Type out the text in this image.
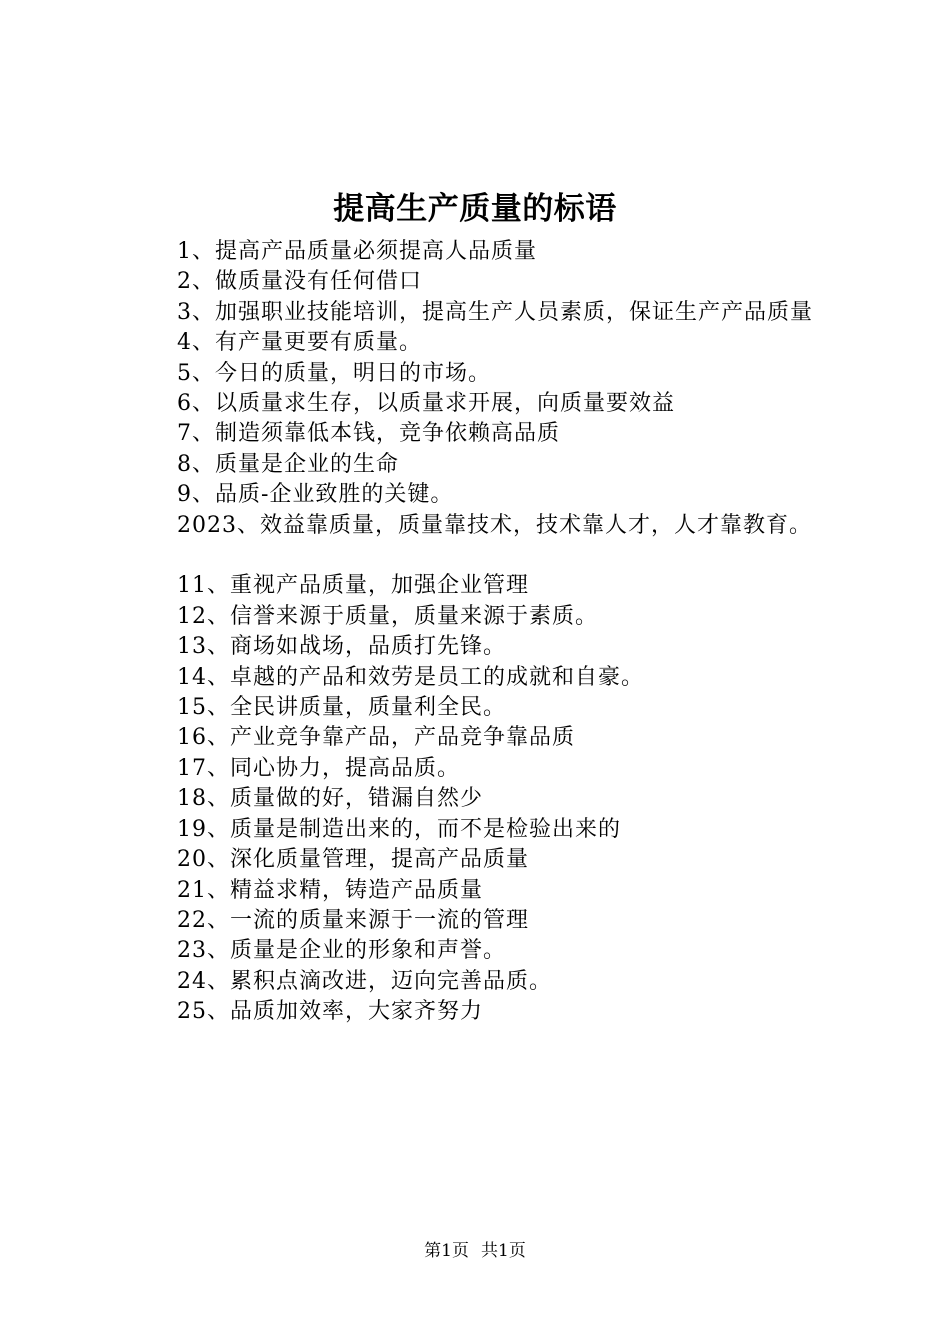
提高生产质量的标语
1、提高产品质量必须提高人品质量
2、做质量没有任何借口
3、加强职业技能培训，提高生产人员素质，保证生产产品质量
4、有产量更要有质量。
5、今日的质量，明日的市场。
6、以质量求生存，以质量求开展，向质量要效益
7、制造须靠低本钱，竞争依赖高品质
8、质量是企业的生命
9、品质-企业致胜的关键。
2023、效益靠质量，质量靠技术，技术靠人才，人才靠教育。
11、重视产品质量，加强企业管理
12、信誉来源于质量，质量来源于素质。
13、商场如战场，品质打先锋。
14、卓越的产品和效劳是员工的成就和自豪。
15、全民讲质量，质量利全民。
16、产业竞争靠产品，产品竞争靠品质
17、同心协力，提高品质。
18、质量做的好，错漏自然少
19、质量是制造出来的，而不是检验出来的
20、深化质量管理，提高产品质量
21、精益求精，铸造产品质量
22、一流的质量来源于一流的管理
23、质量是企业的形象和声誉。
24、累积点滴改进，迈向完善品质。
25、品质加效率，大家齐努力
第1页 共1页
